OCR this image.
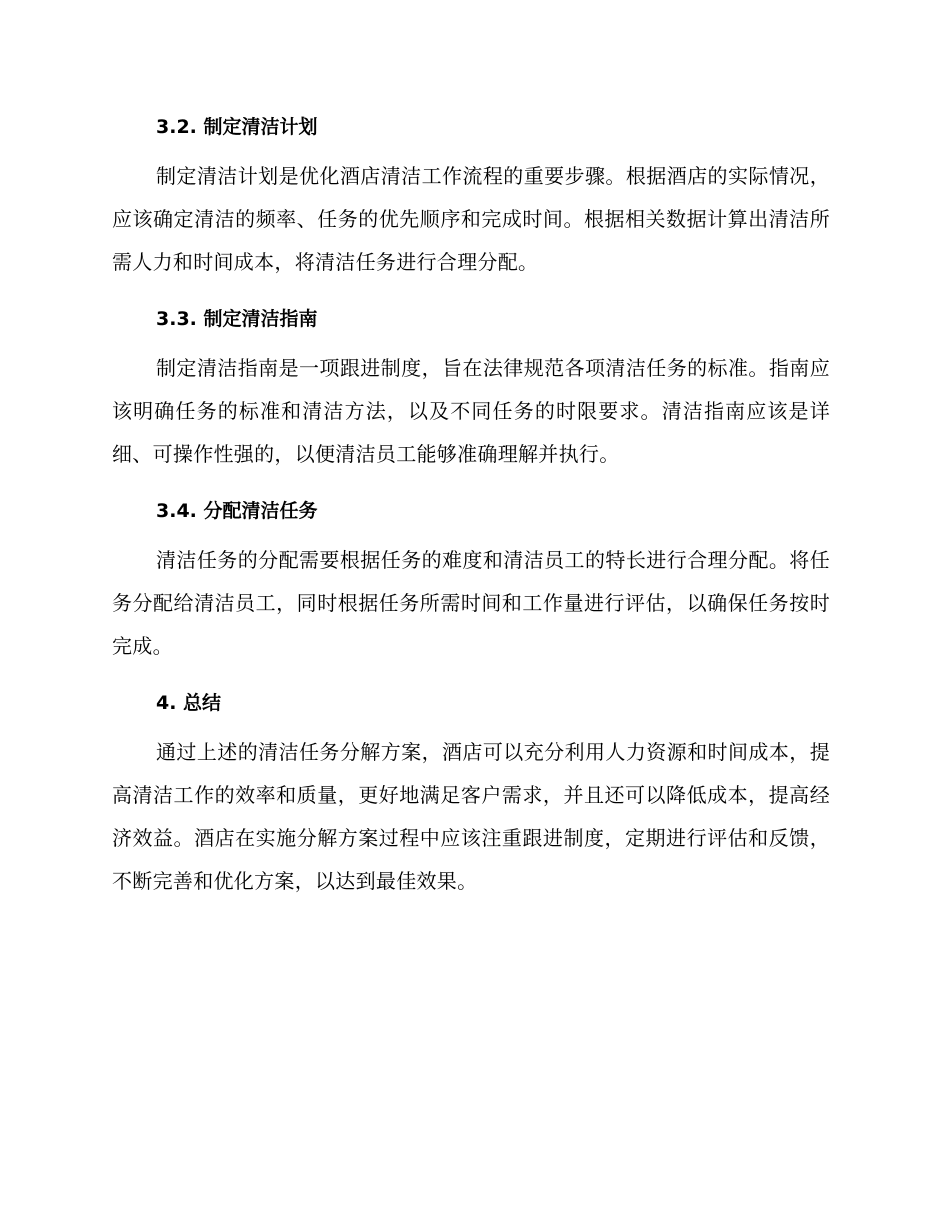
3.2. 制定清洁计划

制定清洁计划是优化酒店清洁工作流程的重要步骤。根据酒店的实际情况，应该确定清洁的频率、任务的优先顺序和完成时间。根据相关数据计算出清洁所需人力和时间成本，将清洁任务进行合理分配。

3.3. 制定清洁指南

制定清洁指南是一项跟进制度，旨在法律规范各项清洁任务的标准。指南应该明确任务的标准和清洁方法，以及不同任务的时限要求。清洁指南应该是详细、可操作性强的，以便清洁员工能够准确理解并执行。

3.4. 分配清洁任务

清洁任务的分配需要根据任务的难度和清洁员工的特长进行合理分配。将任务分配给清洁员工，同时根据任务所需时间和工作量进行评估，以确保任务按时完成。

4. 总结

通过上述的清洁任务分解方案，酒店可以充分利用人力资源和时间成本，提高清洁工作的效率和质量，更好地满足客户需求，并且还可以降低成本，提高经济效益。酒店在实施分解方案过程中应该注重跟进制度，定期进行评估和反馈，不断完善和优化方案，以达到最佳效果。
